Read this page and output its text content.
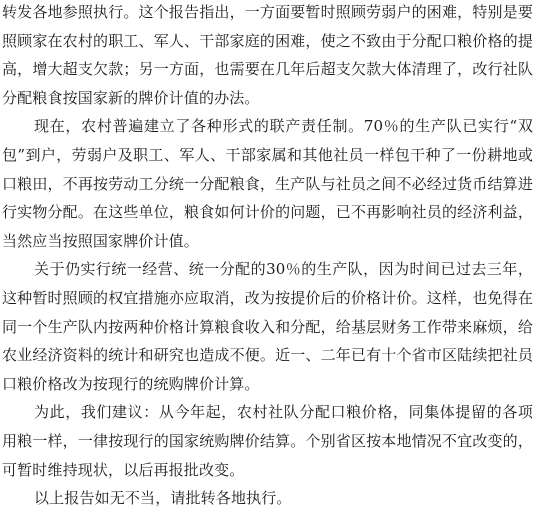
转发各地参照执行。这个报告指出，一方面要暂时照顾劳弱户的困难，特别是要照顾家在农村的职工、军人、干部家庭的困难，使之不致由于分配口粮价格的提高，增大超支欠款；另一方面，也需要在几年后超支欠款大体清理了，改行社队分配粮食按国家新的牌价计值的办法。

现在，农村普遍建立了各种形式的联产责任制。70％的生产队已实行“双包”到户，劳弱户及职工、军人、干部家属和其他社员一样包干种了一份耕地或口粮田，不再按劳动工分统一分配粮食，生产队与社员之间不必经过货币结算进行实物分配。在这些单位，粮食如何计价的问题，已不再影响社员的经济利益，当然应当按照国家牌价计值。

关于仍实行统一经营、统一分配的30％的生产队，因为时间已过去三年，这种暂时照顾的权宜措施亦应取消，改为按提价后的价格计价。这样，也免得在同一个生产队内按两种价格计算粮食收入和分配，给基层财务工作带来麻烦，给农业经济资料的统计和研究也造成不便。近一、二年已有十个省市区陆续把社员口粮价格改为按现行的统购牌价计算。

为此，我们建议：从今年起，农村社队分配口粮价格，同集体提留的各项用粮一样，一律按现行的国家统购牌价结算。个别省区按本地情况不宜改变的，可暂时维持现状，以后再报批改变。

以上报告如无不当，请批转各地执行。
